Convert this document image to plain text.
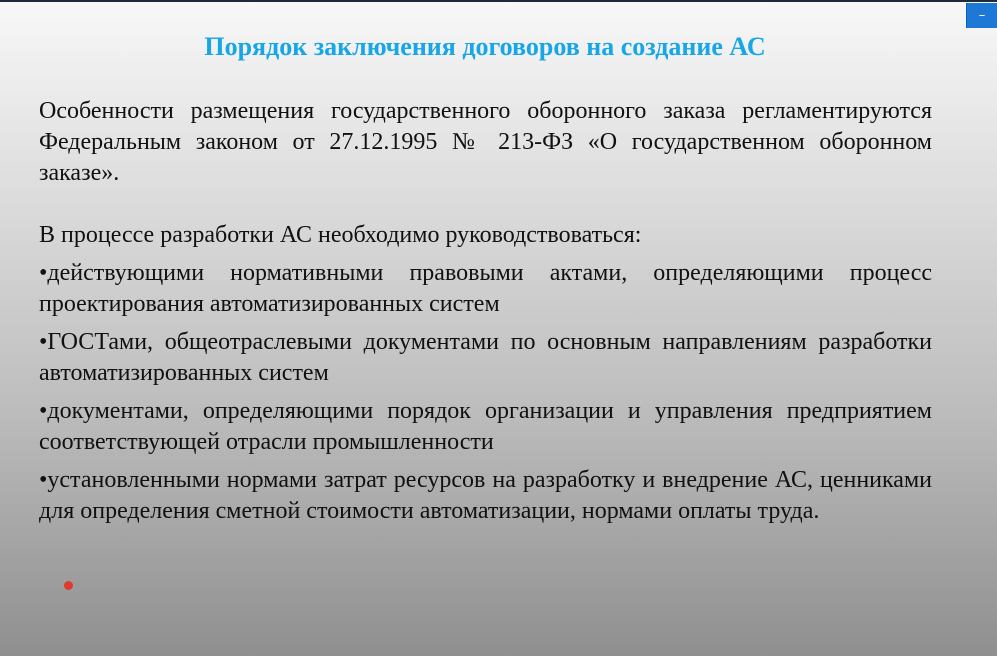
–
Порядок заключения договоров на создание АС

Особенности размещения государственного оборонного заказа регламентируются Федеральным законом от 27.12.1995 № 213-ФЗ «О государственном оборонном заказе».

В процессе разработки АС необходимо руководствоваться:

•действующими нормативными правовыми актами, определяющими процесс проектирования автоматизированных систем

•ГОСТами, общеотраслевыми документами по основным направлениям разработки автоматизированных систем

•документами, определяющими порядок организации и управления предприятием соответствующей отрасли промышленности

•установленными нормами затрат ресурсов на разработку и внедрение АС, ценниками для определения сметной стоимости автоматизации, нормами оплаты труда.
